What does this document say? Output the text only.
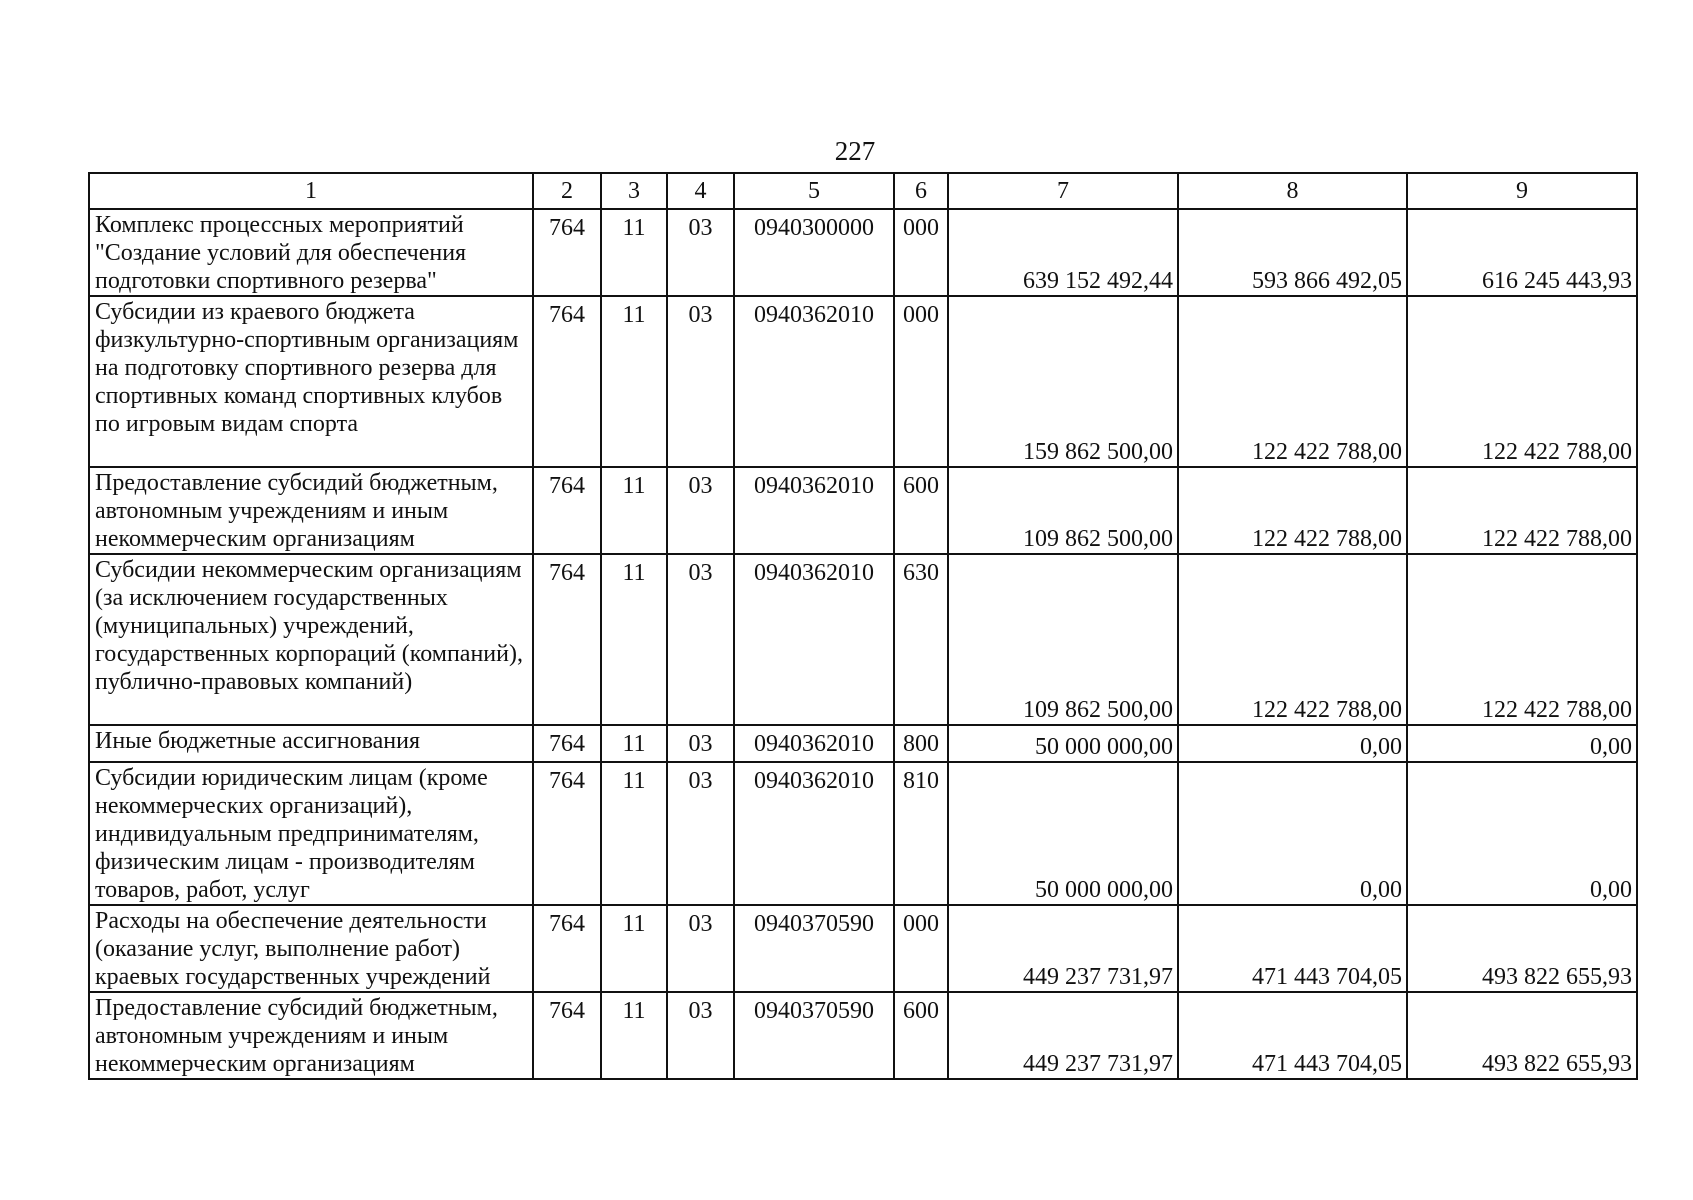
227
1	2	3	4	5	6	7	8	9
Комплекс процессных мероприятий "Создание условий для обеспечения подготовки спортивного резерва"	764	11	03	0940300000	000	639 152 492,44	593 866 492,05	616 245 443,93
Субсидии из краевого бюджета физкультурно-спортивным организациям на подготовку спортивного резерва для спортивных команд спортивных клубов по игровым видам спорта	764	11	03	0940362010	000	159 862 500,00	122 422 788,00	122 422 788,00
Предоставление субсидий бюджетным, автономным учреждениям и иным некоммерческим организациям	764	11	03	0940362010	600	109 862 500,00	122 422 788,00	122 422 788,00
Субсидии некоммерческим организациям (за исключением государственных (муниципальных) учреждений, государственных корпораций (компаний), публично-правовых компаний)	764	11	03	0940362010	630	109 862 500,00	122 422 788,00	122 422 788,00
Иные бюджетные ассигнования	764	11	03	0940362010	800	50 000 000,00	0,00	0,00
Субсидии юридическим лицам (кроме некоммерческих организаций), индивидуальным предпринимателям, физическим лицам - производителям товаров, работ, услуг	764	11	03	0940362010	810	50 000 000,00	0,00	0,00
Расходы на обеспечение деятельности (оказание услуг, выполнение работ) краевых государственных учреждений	764	11	03	0940370590	000	449 237 731,97	471 443 704,05	493 822 655,93
Предоставление субсидий бюджетным, автономным учреждениям и иным некоммерческим организациям	764	11	03	0940370590	600	449 237 731,97	471 443 704,05	493 822 655,93
